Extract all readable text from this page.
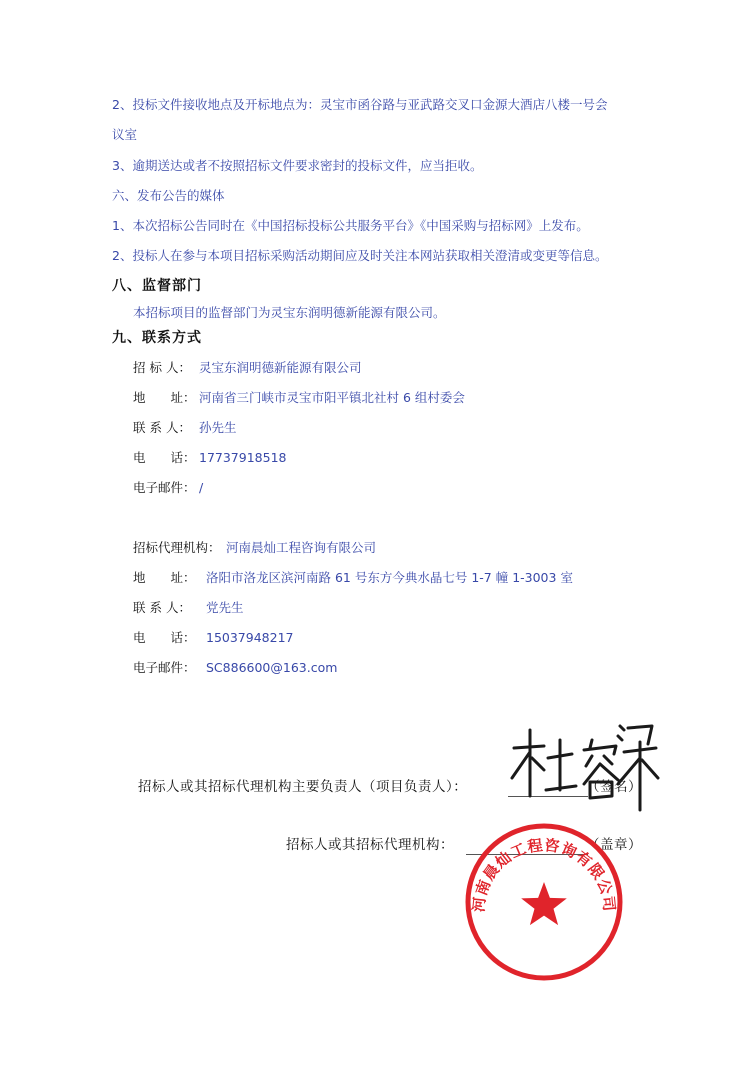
2、投标文件接收地点及开标地点为：灵宝市函谷路与亚武路交叉口金源大酒店八楼一号会
议室
3、逾期送达或者不按照招标文件要求密封的投标文件，应当拒收。
六、发布公告的媒体
1、本次招标公告同时在《中国招标投标公共服务平台》《中国采购与招标网》上发布。
2、投标人在参与本项目招标采购活动期间应及时关注本网站获取相关澄清或变更等信息。
八、监督部门
本招标项目的监督部门为灵宝东润明德新能源有限公司。
九、联系方式
招 标 人： 灵宝东润明德新能源有限公司
地　　址： 河南省三门峡市灵宝市阳平镇北社村 6 组村委会
联 系 人： 孙先生
电　　话： 17737918518
电子邮件： /
招标代理机构： 河南晨灿工程咨询有限公司
地　　址： 洛阳市洛龙区滨河南路 61 号东方今典水晶七号 1-7 幢 1-3003 室
联 系 人： 党先生
电　　话： 15037948217
电子邮件： SC886600@163.com
招标人或其招标代理机构主要负责人（项目负责人）：	（签名）
招标人或其招标代理机构：	（盖章）
河南晨灿工程咨询有限公司
